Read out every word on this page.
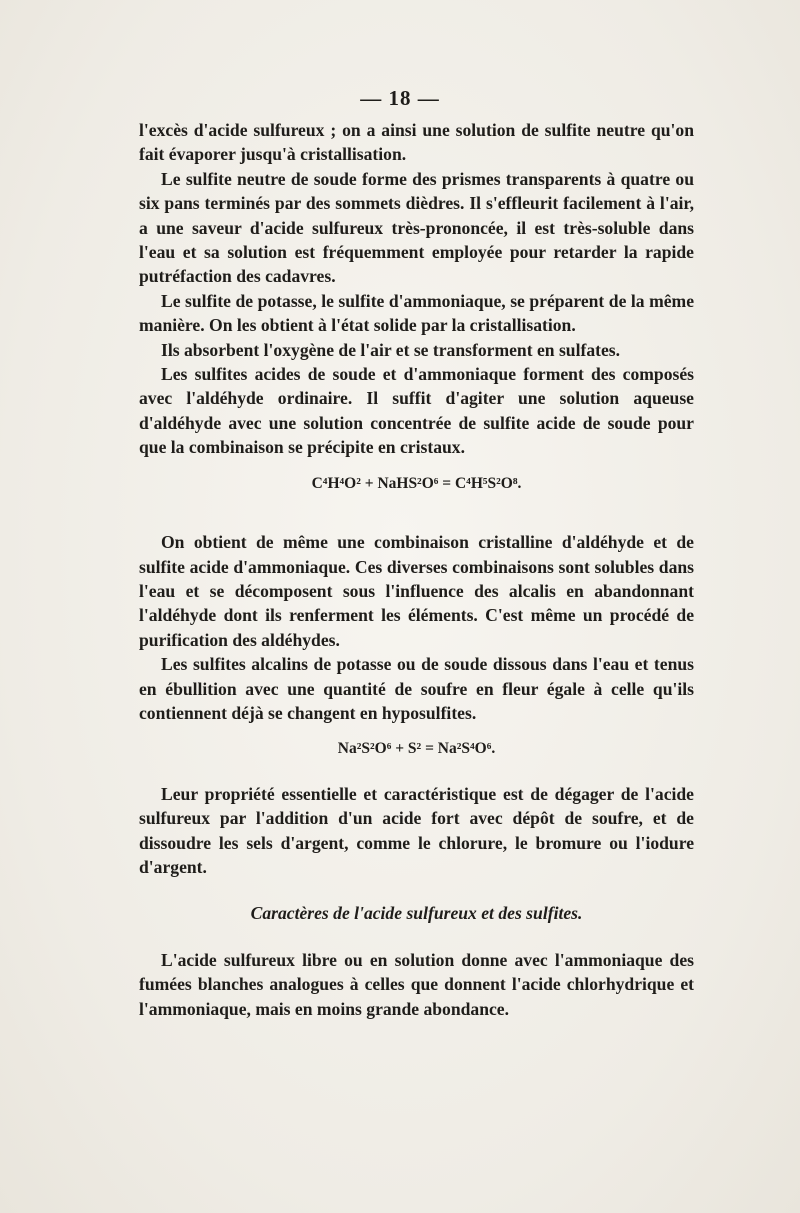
— 18 —

l'excès d'acide sulfureux ; on a ainsi une solution de sulfite neutre qu'on fait évaporer jusqu'à cristallisation.

Le sulfite neutre de soude forme des prismes transparents à quatre ou six pans terminés par des sommets dièdres. Il s'effleurit facilement à l'air, a une saveur d'acide sulfureux très-prononcée, il est très-soluble dans l'eau et sa solution est fréquemment employée pour retarder la rapide putréfaction des cadavres.

Le sulfite de potasse, le sulfite d'ammoniaque, se préparent de la même manière. On les obtient à l'état solide par la cristallisation.

Ils absorbent l'oxygène de l'air et se transforment en sulfates.

Les sulfites acides de soude et d'ammoniaque forment des composés avec l'aldéhyde ordinaire. Il suffit d'agiter une solution aqueuse d'aldéhyde avec une solution concentrée de sulfite acide de soude pour que la combinaison se précipite en cristaux.

C⁴H⁴O² + NaHS²O⁶ = C⁴H⁵S²O⁸.

On obtient de même une combinaison cristalline d'aldéhyde et de sulfite acide d'ammoniaque. Ces diverses combinaisons sont solubles dans l'eau et se décomposent sous l'influence des alcalis en abandonnant l'aldéhyde dont ils renferment les éléments. C'est même un procédé de purification des aldéhydes.

Les sulfites alcalins de potasse ou de soude dissous dans l'eau et tenus en ébullition avec une quantité de soufre en fleur égale à celle qu'ils contiennent déjà se changent en hyposulfites.

Na²S²O⁶ + S² = Na²S⁴O⁶.

Leur propriété essentielle et caractéristique est de dégager de l'acide sulfureux par l'addition d'un acide fort avec dépôt de soufre, et de dissoudre les sels d'argent, comme le chlorure, le bromure ou l'iodure d'argent.

Caractères de l'acide sulfureux et des sulfites.

L'acide sulfureux libre ou en solution donne avec l'ammoniaque des fumées blanches analogues à celles que donnent l'acide chlorhydrique et l'ammoniaque, mais en moins grande abondance.
